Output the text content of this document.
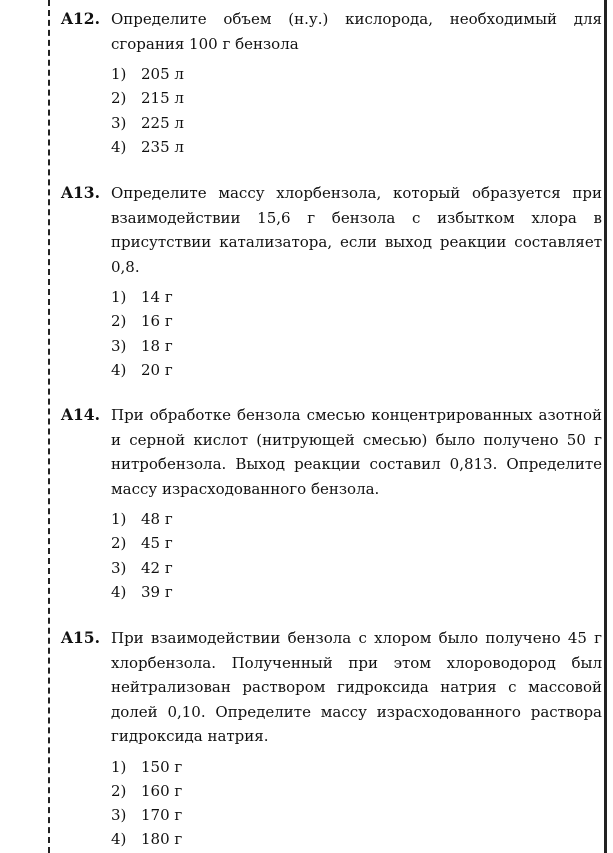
A12. Определите объем (н.у.) кислорода, необходимый для сгорания 100 г бензола
1) 205 л
2) 215 л
3) 225 л
4) 235 л
A13. Определите массу хлорбензола, который образуется при взаимодействии 15,6 г бензола с избытком хлора в присутствии катализатора, если выход реакции составляет 0,8.
1) 14 г
2) 16 г
3) 18 г
4) 20 г
A14. При обработке бензола смесью концентрированных азотной и серной кислот (нитрующей смесью) было получено 50 г нитробензола. Выход реакции составил 0,813. Определите массу израсходованного бензола.
1) 48 г
2) 45 г
3) 42 г
4) 39 г
A15. При взаимодействии бензола с хлором было получено 45 г хлорбензола. Полученный при этом хлороводород был нейтрализован раствором гидроксида натрия с массовой долей 0,10. Определите массу израсходованного раствора гидроксида натрия.
1) 150 г
2) 160 г
3) 170 г
4) 180 г
